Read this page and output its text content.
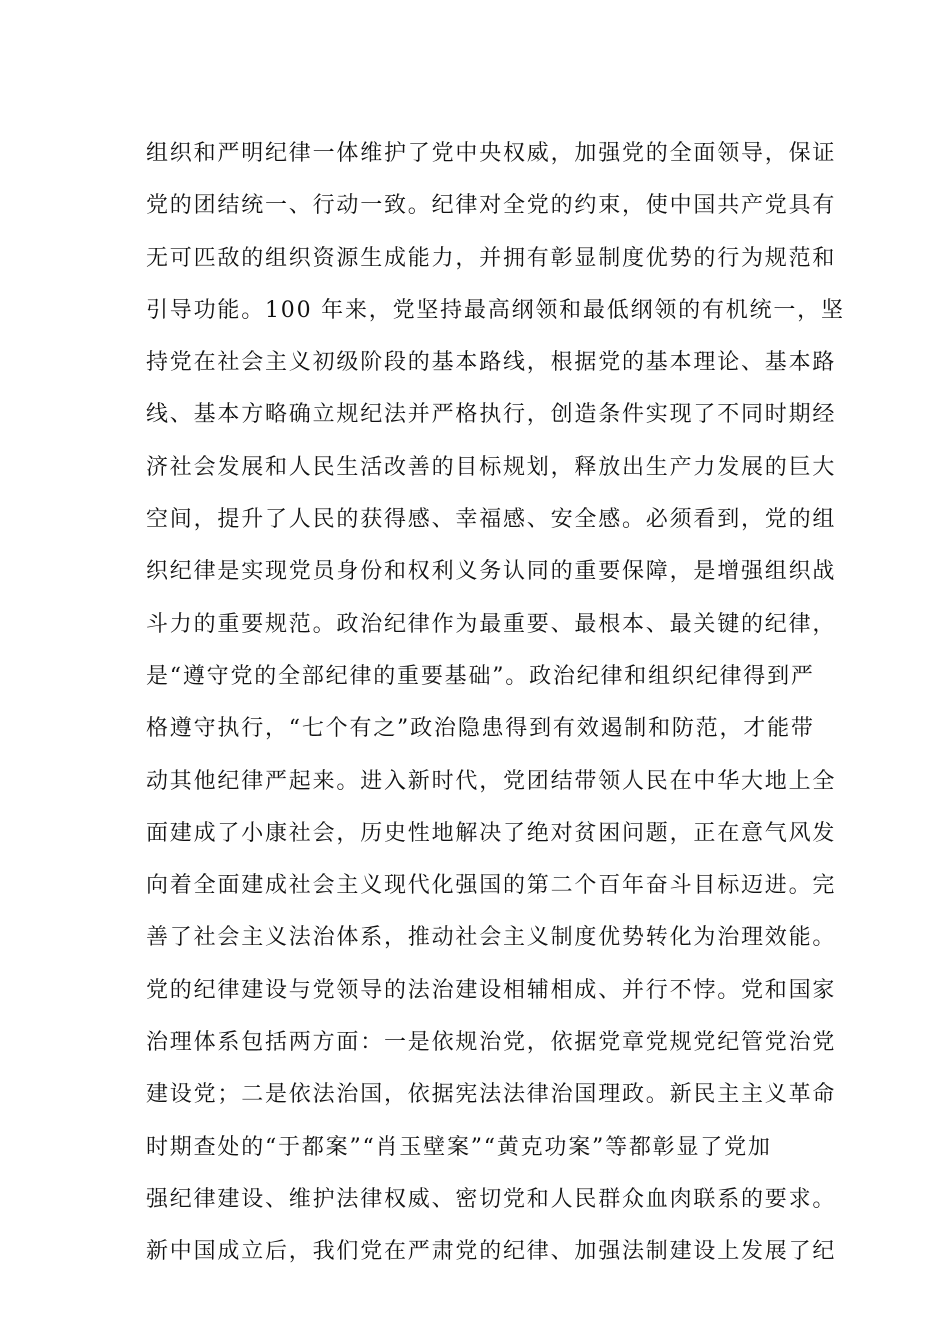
组织和严明纪律一体维护了党中央权威，加强党的全面领导，保证
党的团结统一、行动一致。纪律对全党的约束，使中国共产党具有
无可匹敌的组织资源生成能力，并拥有彰显制度优势的行为规范和
引导功能。100 年来，党坚持最高纲领和最低纲领的有机统一，坚
持党在社会主义初级阶段的基本路线，根据党的基本理论、基本路
线、基本方略确立规纪法并严格执行，创造条件实现了不同时期经
济社会发展和人民生活改善的目标规划，释放出生产力发展的巨大
空间，提升了人民的获得感、幸福感、安全感。必须看到，党的组
织纪律是实现党员身份和权利义务认同的重要保障，是增强组织战
斗力的重要规范。政治纪律作为最重要、最根本、最关键的纪律，
是“遵守党的全部纪律的重要基础”。政治纪律和组织纪律得到严
格遵守执行，“七个有之”政治隐患得到有效遏制和防范，才能带
动其他纪律严起来。进入新时代，党团结带领人民在中华大地上全
面建成了小康社会，历史性地解决了绝对贫困问题，正在意气风发
向着全面建成社会主义现代化强国的第二个百年奋斗目标迈进。完
善了社会主义法治体系，推动社会主义制度优势转化为治理效能。
党的纪律建设与党领导的法治建设相辅相成、并行不悖。党和国家
治理体系包括两方面：一是依规治党，依据党章党规党纪管党治党
建设党；二是依法治国，依据宪法法律治国理政。新民主主义革命
时期查处的“于都案”“肖玉壁案”“黄克功案”等都彰显了党加
强纪律建设、维护法律权威、密切党和人民群众血肉联系的要求。
新中国成立后，我们党在严肃党的纪律、加强法制建设上发展了纪
